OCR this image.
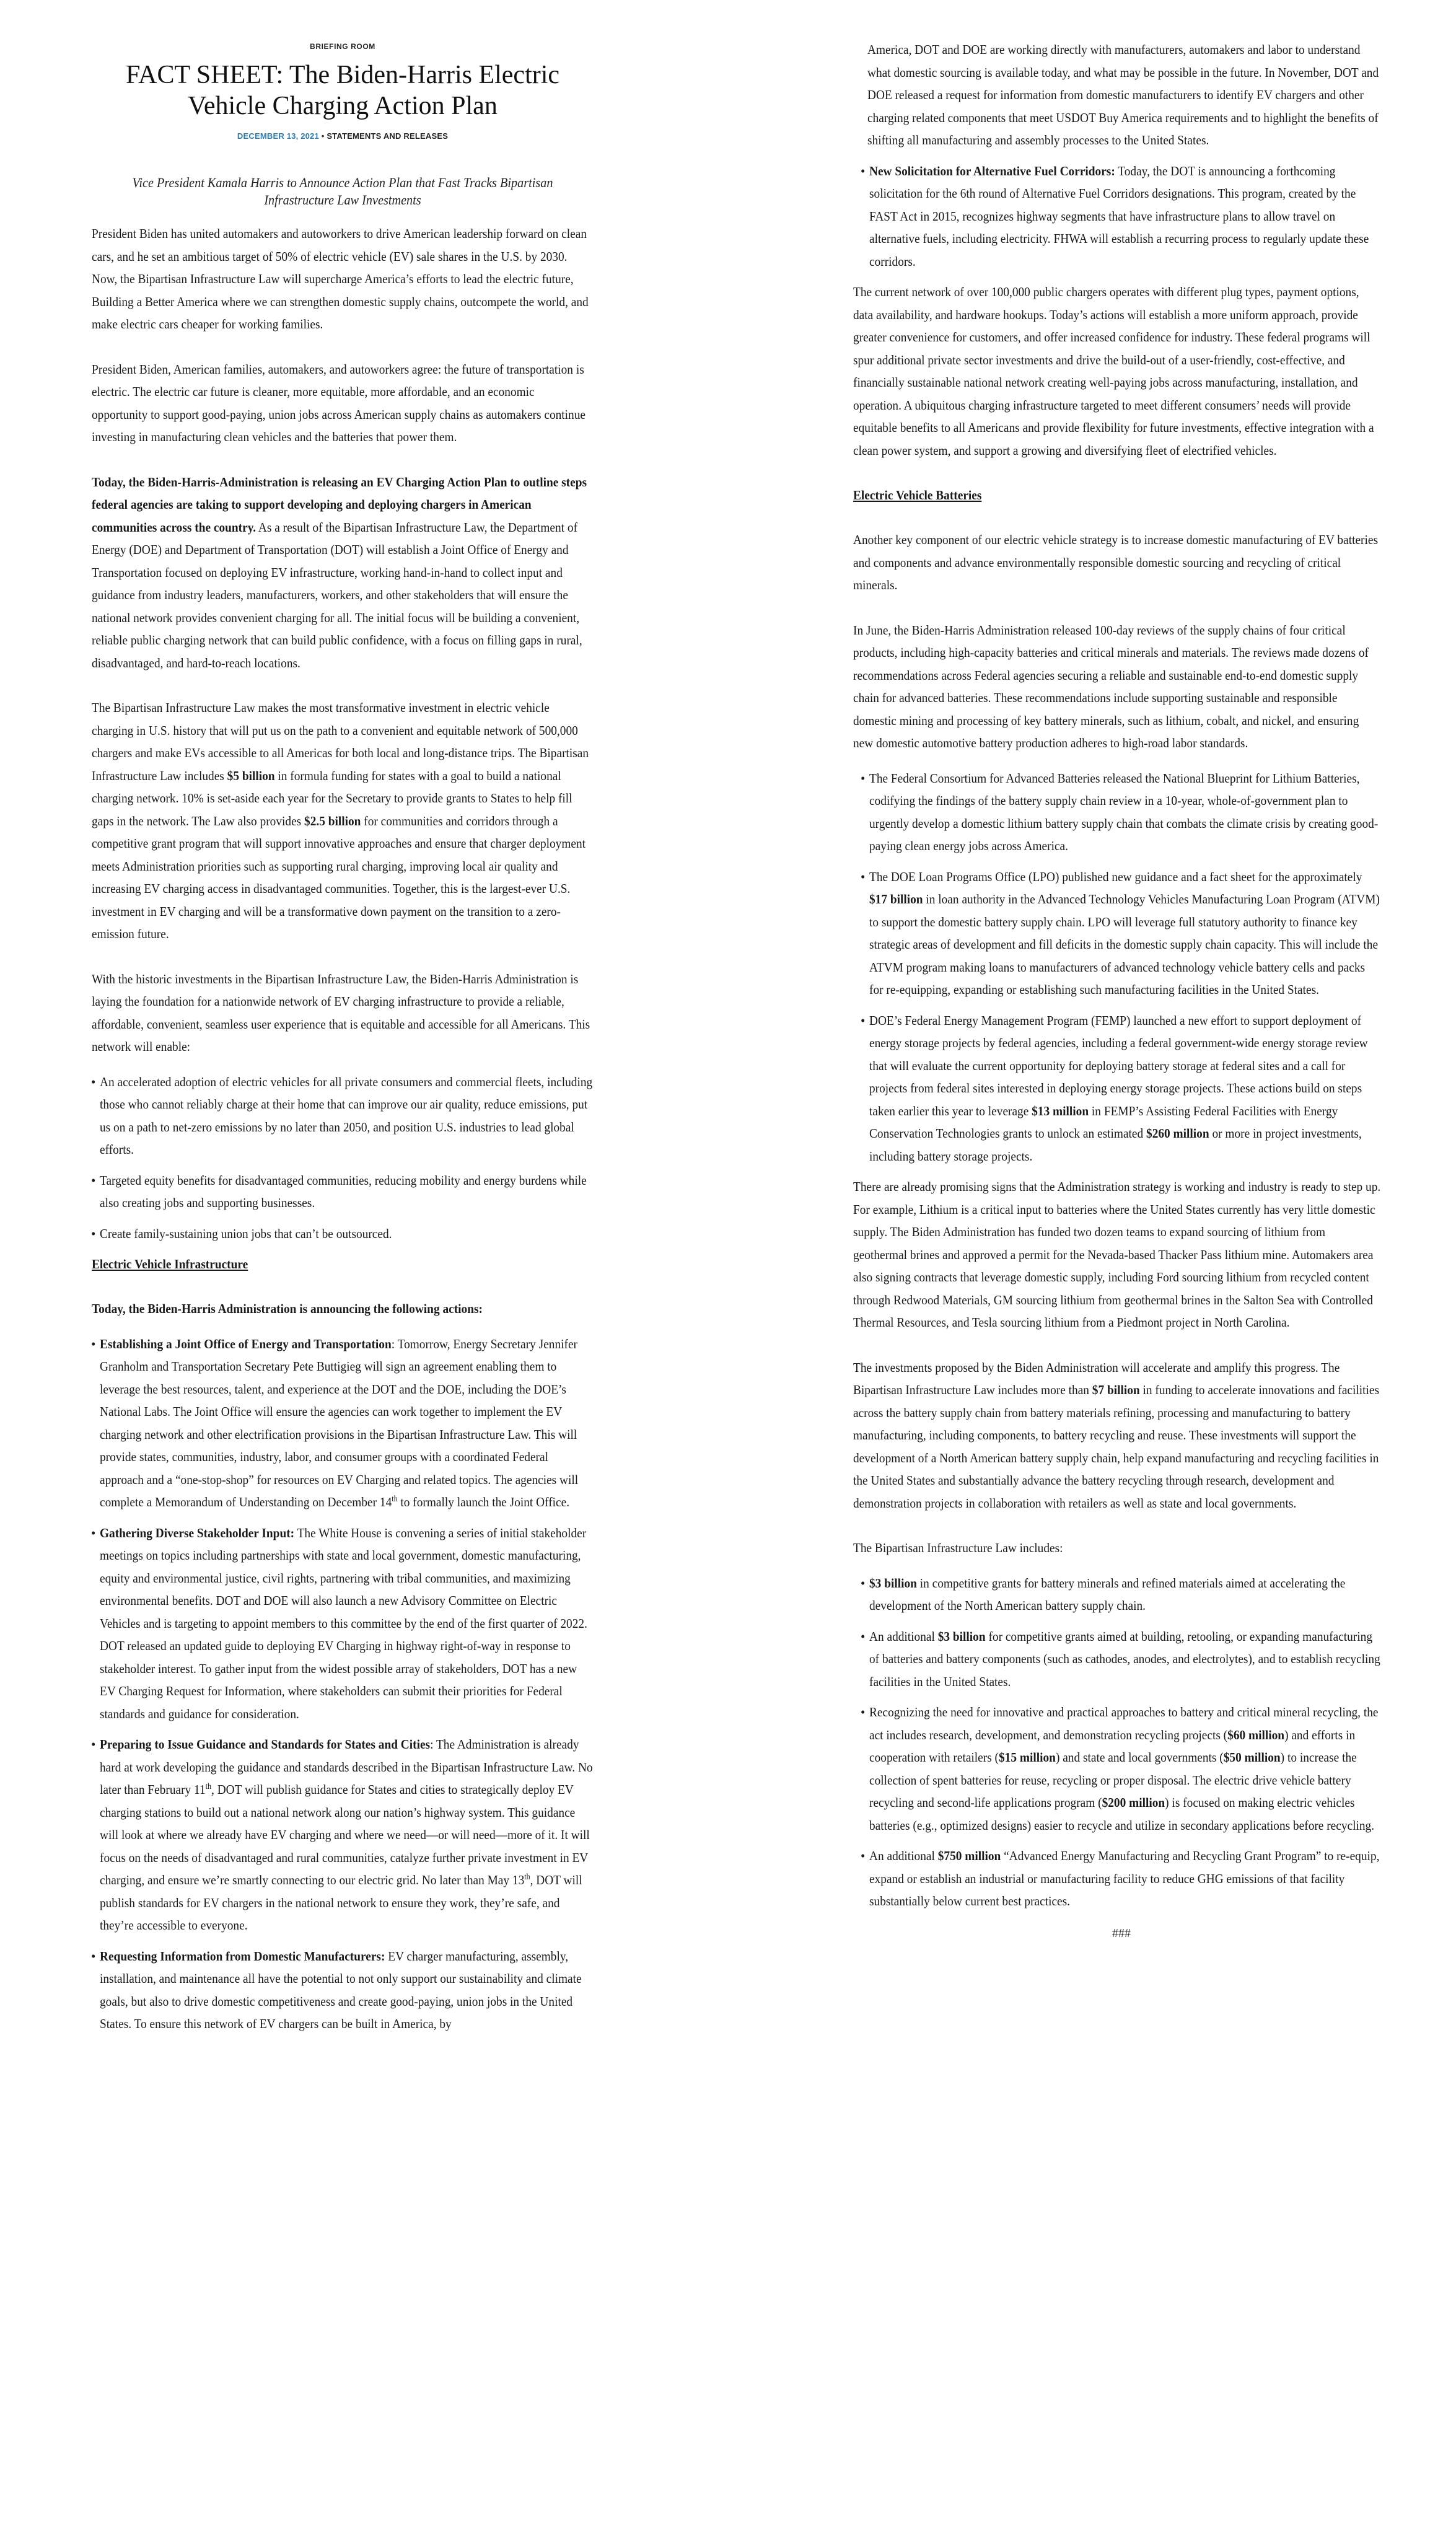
BRIEFING ROOM
FACT SHEET: The Biden-Harris Electric Vehicle Charging Action Plan
DECEMBER 13, 2021 • STATEMENTS AND RELEASES
Vice President Kamala Harris to Announce Action Plan that Fast Tracks Bipartisan Infrastructure Law Investments

President Biden has united automakers and autoworkers to drive American leadership forward on clean cars, and he set an ambitious target of 50% of electric vehicle (EV) sale shares in the U.S. by 2030. Now, the Bipartisan Infrastructure Law will supercharge America’s efforts to lead the electric future, Building a Better America where we can strengthen domestic supply chains, outcompete the world, and make electric cars cheaper for working families.

President Biden, American families, automakers, and autoworkers agree: the future of transportation is electric. The electric car future is cleaner, more equitable, more affordable, and an economic opportunity to support good-paying, union jobs across American supply chains as automakers continue investing in manufacturing clean vehicles and the batteries that power them.

Today, the Biden-Harris-Administration is releasing an EV Charging Action Plan to outline steps federal agencies are taking to support developing and deploying chargers in American communities across the country. As a result of the Bipartisan Infrastructure Law, the Department of Energy (DOE) and Department of Transportation (DOT) will establish a Joint Office of Energy and Transportation focused on deploying EV infrastructure, working hand-in-hand to collect input and guidance from industry leaders, manufacturers, workers, and other stakeholders that will ensure the national network provides convenient charging for all. The initial focus will be building a convenient, reliable public charging network that can build public confidence, with a focus on filling gaps in rural, disadvantaged, and hard-to-reach locations.

The Bipartisan Infrastructure Law makes the most transformative investment in electric vehicle charging in U.S. history that will put us on the path to a convenient and equitable network of 500,000 chargers and make EVs accessible to all Americas for both local and long-distance trips. The Bipartisan Infrastructure Law includes $5 billion in formula funding for states with a goal to build a national charging network. 10% is set-aside each year for the Secretary to provide grants to States to help fill gaps in the network. The Law also provides $2.5 billion for communities and corridors through a competitive grant program that will support innovative approaches and ensure that charger deployment meets Administration priorities such as supporting rural charging, improving local air quality and increasing EV charging access in disadvantaged communities. Together, this is the largest-ever U.S. investment in EV charging and will be a transformative down payment on the transition to a zero-emission future.

With the historic investments in the Bipartisan Infrastructure Law, the Biden-Harris Administration is laying the foundation for a nationwide network of EV charging infrastructure to provide a reliable, affordable, convenient, seamless user experience that is equitable and accessible for all Americans. This network will enable:

• An accelerated adoption of electric vehicles for all private consumers and commercial fleets, including those who cannot reliably charge at their home that can improve our air quality, reduce emissions, put us on a path to net-zero emissions by no later than 2050, and position U.S. industries to lead global efforts.

• Targeted equity benefits for disadvantaged communities, reducing mobility and energy burdens while also creating jobs and supporting businesses.

• Create family-sustaining union jobs that can’t be outsourced.

Electric Vehicle Infrastructure

Today, the Biden-Harris Administration is announcing the following actions:

• Establishing a Joint Office of Energy and Transportation: Tomorrow, Energy Secretary Jennifer Granholm and Transportation Secretary Pete Buttigieg will sign an agreement enabling them to leverage the best resources, talent, and experience at the DOT and the DOE, including the DOE’s National Labs. The Joint Office will ensure the agencies can work together to implement the EV charging network and other electrification provisions in the Bipartisan Infrastructure Law. This will provide states, communities, industry, labor, and consumer groups with a coordinated Federal approach and a “one-stop-shop” for resources on EV Charging and related topics. The agencies will complete a Memorandum of Understanding on December 14th to formally launch the Joint Office.

• Gathering Diverse Stakeholder Input: The White House is convening a series of initial stakeholder meetings on topics including partnerships with state and local government, domestic manufacturing, equity and environmental justice, civil rights, partnering with tribal communities, and maximizing environmental benefits. DOT and DOE will also launch a new Advisory Committee on Electric Vehicles and is targeting to appoint members to this committee by the end of the first quarter of 2022. DOT released an updated guide to deploying EV Charging in highway right-of-way in response to stakeholder interest. To gather input from the widest possible array of stakeholders, DOT has a new EV Charging Request for Information, where stakeholders can submit their priorities for Federal standards and guidance for consideration.

• Preparing to Issue Guidance and Standards for States and Cities: The Administration is already hard at work developing the guidance and standards described in the Bipartisan Infrastructure Law. No later than February 11th, DOT will publish guidance for States and cities to strategically deploy EV charging stations to build out a national network along our nation’s highway system. This guidance will look at where we already have EV charging and where we need—or will need—more of it. It will focus on the needs of disadvantaged and rural communities, catalyze further private investment in EV charging, and ensure we’re smartly connecting to our electric grid. No later than May 13th, DOT will publish standards for EV chargers in the national network to ensure they work, they’re safe, and they’re accessible to everyone.

• Requesting Information from Domestic Manufacturers: EV charger manufacturing, assembly, installation, and maintenance all have the potential to not only support our sustainability and climate goals, but also to drive domestic competitiveness and create good-paying, union jobs in the United States. To ensure this network of EV chargers can be built in America, by

America, DOT and DOE are working directly with manufacturers, automakers and labor to understand what domestic sourcing is available today, and what may be possible in the future. In November, DOT and DOE released a request for information from domestic manufacturers to identify EV chargers and other charging related components that meet USDOT Buy America requirements and to highlight the benefits of shifting all manufacturing and assembly processes to the United States.

• New Solicitation for Alternative Fuel Corridors: Today, the DOT is announcing a forthcoming solicitation for the 6th round of Alternative Fuel Corridors designations. This program, created by the FAST Act in 2015, recognizes highway segments that have infrastructure plans to allow travel on alternative fuels, including electricity. FHWA will establish a recurring process to regularly update these corridors.

The current network of over 100,000 public chargers operates with different plug types, payment options, data availability, and hardware hookups. Today’s actions will establish a more uniform approach, provide greater convenience for customers, and offer increased confidence for industry. These federal programs will spur additional private sector investments and drive the build-out of a user-friendly, cost-effective, and financially sustainable national network creating well-paying jobs across manufacturing, installation, and operation. A ubiquitous charging infrastructure targeted to meet different consumers’ needs will provide equitable benefits to all Americans and provide flexibility for future investments, effective integration with a clean power system, and support a growing and diversifying fleet of electrified vehicles.

Electric Vehicle Batteries

Another key component of our electric vehicle strategy is to increase domestic manufacturing of EV batteries and components and advance environmentally responsible domestic sourcing and recycling of critical minerals.

In June, the Biden-Harris Administration released 100-day reviews of the supply chains of four critical products, including high-capacity batteries and critical minerals and materials. The reviews made dozens of recommendations across Federal agencies securing a reliable and sustainable end-to-end domestic supply chain for advanced batteries. These recommendations include supporting sustainable and responsible domestic mining and processing of key battery minerals, such as lithium, cobalt, and nickel, and ensuring new domestic automotive battery production adheres to high-road labor standards.

• The Federal Consortium for Advanced Batteries released the National Blueprint for Lithium Batteries, codifying the findings of the battery supply chain review in a 10-year, whole-of-government plan to urgently develop a domestic lithium battery supply chain that combats the climate crisis by creating good-paying clean energy jobs across America.

• The DOE Loan Programs Office (LPO) published new guidance and a fact sheet for the approximately $17 billion in loan authority in the Advanced Technology Vehicles Manufacturing Loan Program (ATVM) to support the domestic battery supply chain. LPO will leverage full statutory authority to finance key strategic areas of development and fill deficits in the domestic supply chain capacity. This will include the ATVM program making loans to manufacturers of advanced technology vehicle battery cells and packs for re-equipping, expanding or establishing such manufacturing facilities in the United States.

• DOE’s Federal Energy Management Program (FEMP) launched a new effort to support deployment of energy storage projects by federal agencies, including a federal government-wide energy storage review that will evaluate the current opportunity for deploying battery storage at federal sites and a call for projects from federal sites interested in deploying energy storage projects. These actions build on steps taken earlier this year to leverage $13 million in FEMP’s Assisting Federal Facilities with Energy Conservation Technologies grants to unlock an estimated $260 million or more in project investments, including battery storage projects.

There are already promising signs that the Administration strategy is working and industry is ready to step up. For example, Lithium is a critical input to batteries where the United States currently has very little domestic supply. The Biden Administration has funded two dozen teams to expand sourcing of lithium from geothermal brines and approved a permit for the Nevada-based Thacker Pass lithium mine. Automakers area also signing contracts that leverage domestic supply, including Ford sourcing lithium from recycled content through Redwood Materials, GM sourcing lithium from geothermal brines in the Salton Sea with Controlled Thermal Resources, and Tesla sourcing lithium from a Piedmont project in North Carolina.

The investments proposed by the Biden Administration will accelerate and amplify this progress. The Bipartisan Infrastructure Law includes more than $7 billion in funding to accelerate innovations and facilities across the battery supply chain from battery materials refining, processing and manufacturing to battery manufacturing, including components, to battery recycling and reuse. These investments will support the development of a North American battery supply chain, help expand manufacturing and recycling facilities in the United States and substantially advance the battery recycling through research, development and demonstration projects in collaboration with retailers as well as state and local governments.

The Bipartisan Infrastructure Law includes:

• $3 billion in competitive grants for battery minerals and refined materials aimed at accelerating the development of the North American battery supply chain.

• An additional $3 billion for competitive grants aimed at building, retooling, or expanding manufacturing of batteries and battery components (such as cathodes, anodes, and electrolytes), and to establish recycling facilities in the United States.

• Recognizing the need for innovative and practical approaches to battery and critical mineral recycling, the act includes research, development, and demonstration recycling projects ($60 million) and efforts in cooperation with retailers ($15 million) and state and local governments ($50 million) to increase the collection of spent batteries for reuse, recycling or proper disposal. The electric drive vehicle battery recycling and second-life applications program ($200 million) is focused on making electric vehicles batteries (e.g., optimized designs) easier to recycle and utilize in secondary applications before recycling.

• An additional $750 million “Advanced Energy Manufacturing and Recycling Grant Program” to re-equip, expand or establish an industrial or manufacturing facility to reduce GHG emissions of that facility substantially below current best practices.

###
